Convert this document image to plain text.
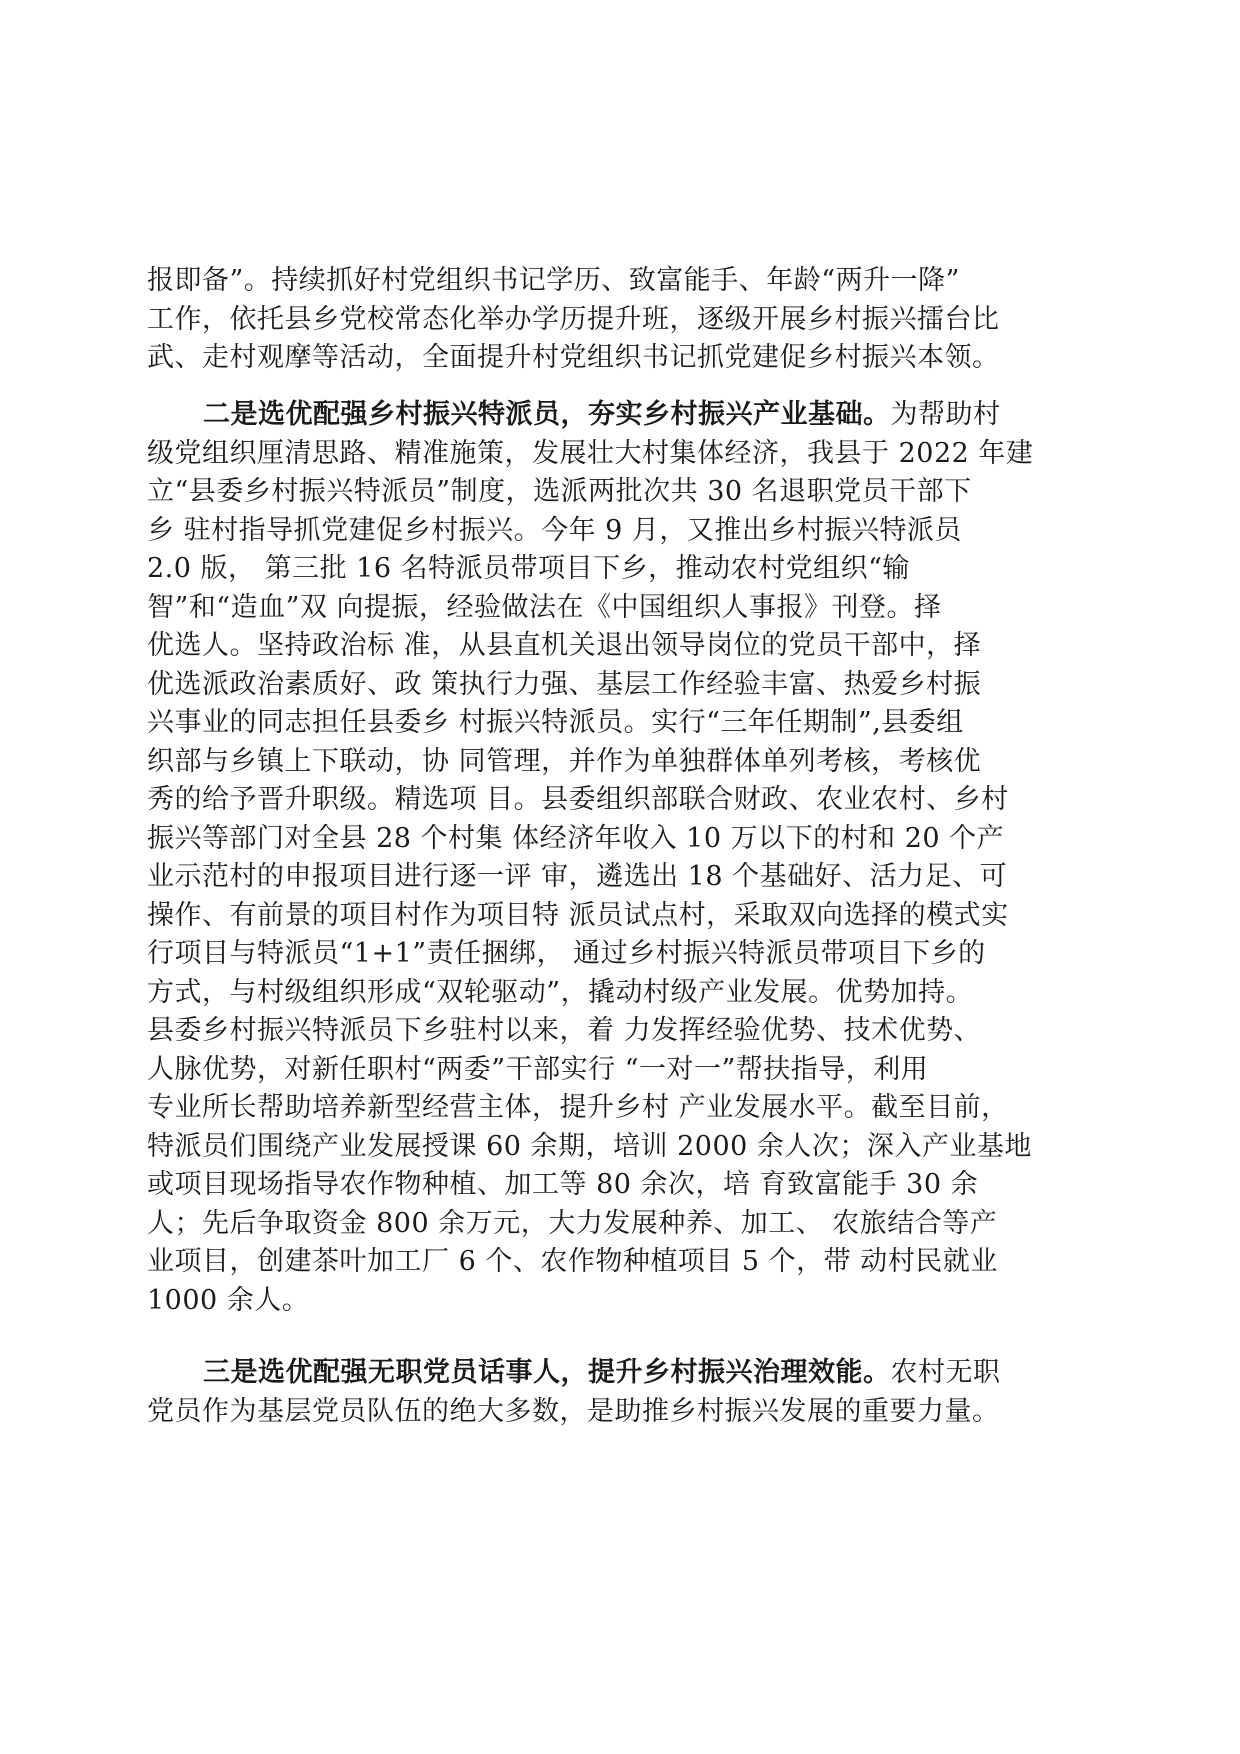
报即备”。持续抓好村党组织书记学历、致富能手、年龄“两升一降”
工作，依托县乡党校常态化举办学历提升班，逐级开展乡村振兴擂台比
武、走村观摩等活动，全面提升村党组织书记抓党建促乡村振兴本领。
二是选优配强乡村振兴特派员，夯实乡村振兴产业基础。为帮助村
级党组织厘清思路、精准施策，发展壮大村集体经济，我县于 2022 年建
立“县委乡村振兴特派员”制度，选派两批次共 30 名退职党员干部下
乡 驻村指导抓党建促乡村振兴。今年 9 月，又推出乡村振兴特派员
2.0 版， 第三批 16 名特派员带项目下乡，推动农村党组织“输
智”和“造血”双 向提振，经验做法在《中国组织人事报》刊登。择
优选人。坚持政治标 准，从县直机关退出领导岗位的党员干部中，择
优选派政治素质好、政 策执行力强、基层工作经验丰富、热爱乡村振
兴事业的同志担任县委乡 村振兴特派员。实行“三年任期制”,县委组
织部与乡镇上下联动，协 同管理，并作为单独群体单列考核，考核优
秀的给予晋升职级。精选项 目。县委组织部联合财政、农业农村、乡村
振兴等部门对全县 28 个村集 体经济年收入 10 万以下的村和 20 个产
业示范村的申报项目进行逐一评 审，遴选出 18 个基础好、活力足、可
操作、有前景的项目村作为项目特 派员试点村，采取双向选择的模式实
行项目与特派员“1+1”责任捆绑， 通过乡村振兴特派员带项目下乡的
方式，与村级组织形成“双轮驱动”，撬动村级产业发展。优势加持。
县委乡村振兴特派员下乡驻村以来，着 力发挥经验优势、技术优势、
人脉优势，对新任职村“两委”干部实行 “一对一”帮扶指导，利用
专业所长帮助培养新型经营主体，提升乡村 产业发展水平。截至目前，
特派员们围绕产业发展授课 60 余期，培训 2000 余人次；深入产业基地
或项目现场指导农作物种植、加工等 80 余次，培 育致富能手 30 余
人；先后争取资金 800 余万元，大力发展种养、加工、 农旅结合等产
业项目，创建茶叶加工厂 6 个、农作物种植项目 5 个，带 动村民就业
1000 余人。
三是选优配强无职党员话事人，提升乡村振兴治理效能。农村无职
党员作为基层党员队伍的绝大多数，是助推乡村振兴发展的重要力量。
